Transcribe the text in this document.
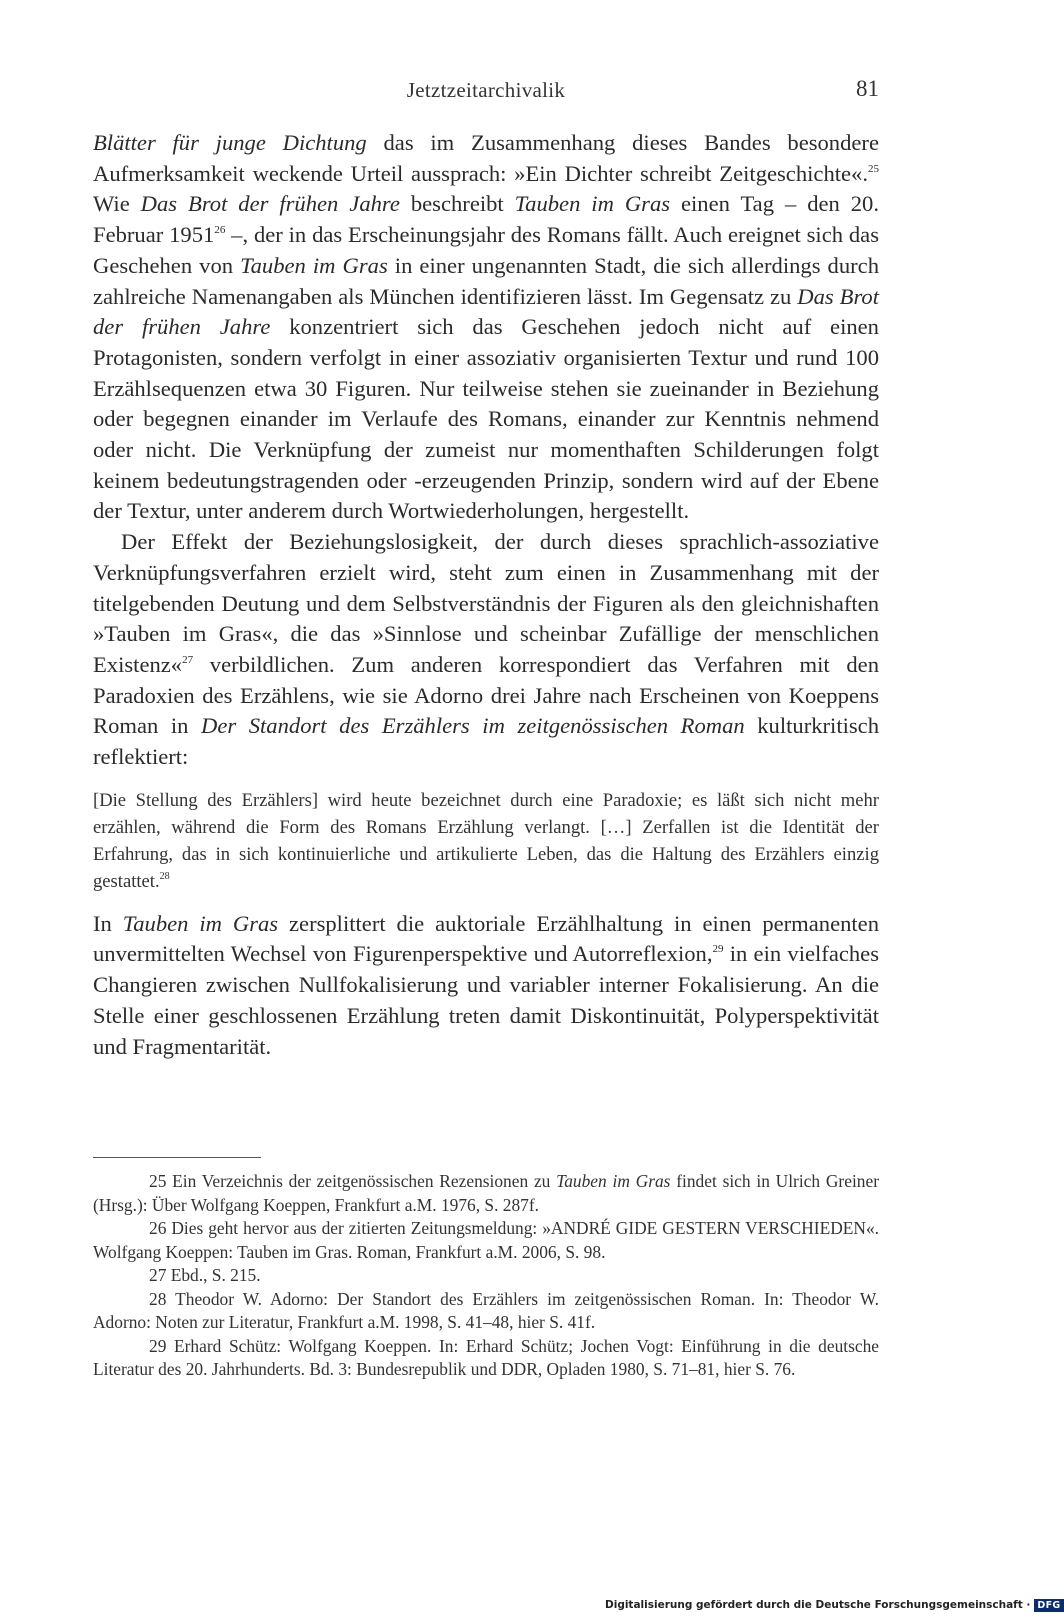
Jetztzeitarchivalik	81

Blätter für junge Dichtung das im Zusammenhang dieses Bandes besondere Aufmerksamkeit weckende Urteil aussprach: »Ein Dichter schreibt Zeitgeschichte«.$^{25}$ Wie Das Brot der frühen Jahre beschreibt Tauben im Gras einen Tag – den 20. Februar 1951$^{26}$ –, der in das Erscheinungsjahr des Romans fällt. Auch ereignet sich das Geschehen von Tauben im Gras in einer ungenannten Stadt, die sich allerdings durch zahlreiche Namenangaben als München identifizieren lässt. Im Gegensatz zu Das Brot der frühen Jahre konzentriert sich das Geschehen jedoch nicht auf einen Protagonisten, sondern verfolgt in einer assoziativ organisierten Textur und rund 100 Erzählsequenzen etwa 30 Figuren. Nur teilweise stehen sie zueinander in Beziehung oder begegnen einander im Verlaufe des Romans, einander zur Kenntnis nehmend oder nicht. Die Verknüpfung der zumeist nur momenthaften Schilderungen folgt keinem bedeutungstragenden oder -erzeugenden Prinzip, sondern wird auf der Ebene der Textur, unter anderem durch Wortwiederholungen, hergestellt.

Der Effekt der Beziehungslosigkeit, der durch dieses sprachlich-assoziative Verknüpfungsverfahren erzielt wird, steht zum einen in Zusammenhang mit der titelgebenden Deutung und dem Selbstverständnis der Figuren als den gleichnishaften »Tauben im Gras«, die das »Sinnlose und scheinbar Zufällige der menschlichen Existenz«$^{27}$ verbildlichen. Zum anderen korrespondiert das Verfahren mit den Paradoxien des Erzählens, wie sie Adorno drei Jahre nach Erscheinen von Koeppens Roman in Der Standort des Erzählers im zeitgenössischen Roman kulturkritisch reflektiert:

[Die Stellung des Erzählers] wird heute bezeichnet durch eine Paradoxie; es läßt sich nicht mehr erzählen, während die Form des Romans Erzählung verlangt. […] Zerfallen ist die Identität der Erfahrung, das in sich kontinuierliche und artikulierte Leben, das die Haltung des Erzählers einzig gestattet.$^{28}$

In Tauben im Gras zersplittert die auktoriale Erzählhaltung in einen permanenten unvermittelten Wechsel von Figurenperspektive und Autorreflexion,$^{29}$ in ein vielfaches Changieren zwischen Nullfokalisierung und variabler interner Fokalisierung. An die Stelle einer geschlossenen Erzählung treten damit Diskontinuität, Polyperspektivität und Fragmentarität.

25 Ein Verzeichnis der zeitgenössischen Rezensionen zu Tauben im Gras findet sich in Ulrich Greiner (Hrsg.): Über Wolfgang Koeppen, Frankfurt a.M. 1976, S. 287f.

26 Dies geht hervor aus der zitierten Zeitungsmeldung: »ANDRÉ GIDE GESTERN VERSCHIEDEN«. Wolfgang Koeppen: Tauben im Gras. Roman, Frankfurt a.M. 2006, S. 98.

27 Ebd., S. 215.

28 Theodor W. Adorno: Der Standort des Erzählers im zeitgenössischen Roman. In: Theodor W. Adorno: Noten zur Literatur, Frankfurt a.M. 1998, S. 41–48, hier S. 41f.

29 Erhard Schütz: Wolfgang Koeppen. In: Erhard Schütz; Jochen Vogt: Einführung in die deutsche Literatur des 20. Jahrhunderts. Bd. 3: Bundesrepublik und DDR, Opladen 1980, S. 71–81, hier S. 76.

Digitalisierung gefördert durch die Deutsche Forschungsgemeinschaft · DFG
